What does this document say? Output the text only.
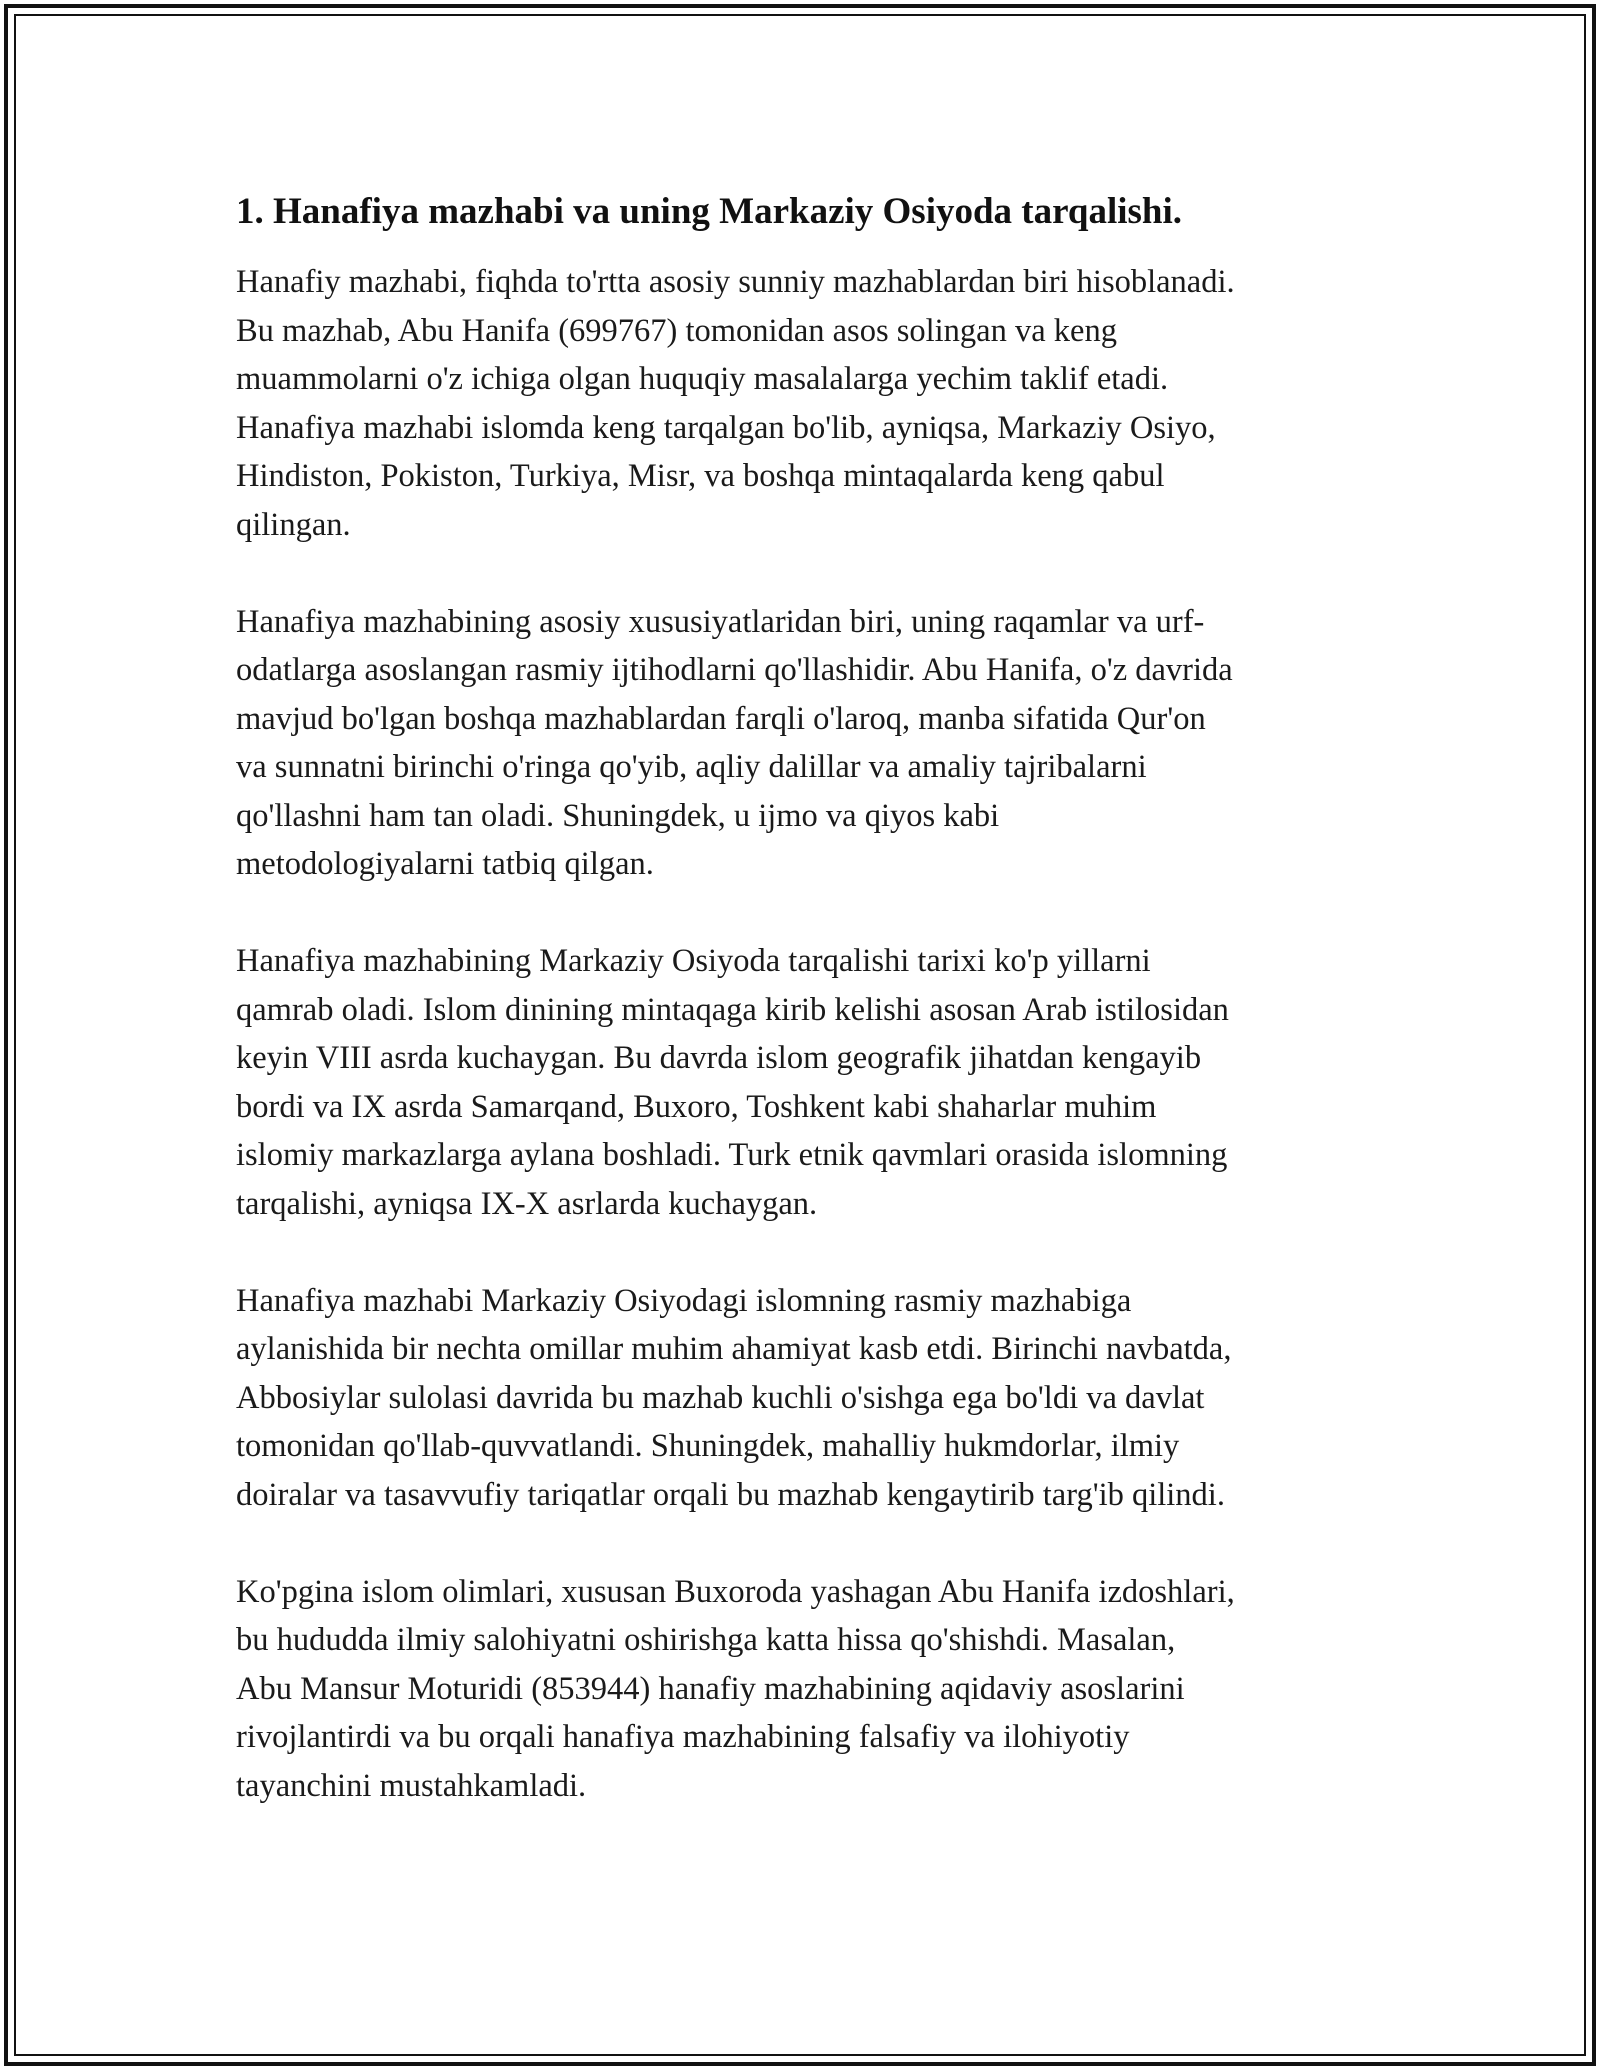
1. Hanafiya mazhabi va uning Markaziy Osiyoda tarqalishi.

Hanafiy mazhabi, fiqhda to'rtta asosiy sunniy mazhablardan biri hisoblanadi.
Bu mazhab, Abu Hanifa (699767) tomonidan asos solingan va keng
muammolarni o'z ichiga olgan huquqiy masalalarga yechim taklif etadi.
Hanafiya mazhabi islomda keng tarqalgan bo'lib, ayniqsa, Markaziy Osiyo,
Hindiston, Pokiston, Turkiya, Misr, va boshqa mintaqalarda keng qabul
qilingan.

Hanafiya mazhabining asosiy xususiyatlaridan biri, uning raqamlar va urf-
odatlarga asoslangan rasmiy ijtihodlarni qo'llashidir. Abu Hanifa, o'z davrida
mavjud bo'lgan boshqa mazhablardan farqli o'laroq, manba sifatida Qur'on
va sunnatni birinchi o'ringa qo'yib, aqliy dalillar va amaliy tajribalarni
qo'llashni ham tan oladi. Shuningdek, u ijmo va qiyos kabi
metodologiyalarni tatbiq qilgan.

Hanafiya mazhabining Markaziy Osiyoda tarqalishi tarixi ko'p yillarni
qamrab oladi. Islom dinining mintaqaga kirib kelishi asosan Arab istilosidan
keyin VIII asrda kuchaygan. Bu davrda islom geografik jihatdan kengayib
bordi va IX asrda Samarqand, Buxoro, Toshkent kabi shaharlar muhim
islomiy markazlarga aylana boshladi. Turk etnik qavmlari orasida islomning
tarqalishi, ayniqsa IX-X asrlarda kuchaygan.

Hanafiya mazhabi Markaziy Osiyodagi islomning rasmiy mazhabiga
aylanishida bir nechta omillar muhim ahamiyat kasb etdi. Birinchi navbatda,
Abbosiylar sulolasi davrida bu mazhab kuchli o'sishga ega bo'ldi va davlat
tomonidan qo'llab-quvvatlandi. Shuningdek, mahalliy hukmdorlar, ilmiy
doiralar va tasavvufiy tariqatlar orqali bu mazhab kengaytirib targ'ib qilindi.

Ko'pgina islom olimlari, xususan Buxoroda yashagan Abu Hanifa izdoshlari,
bu hududda ilmiy salohiyatni oshirishga katta hissa qo'shishdi. Masalan,
Abu Mansur Moturidi (853944) hanafiy mazhabining aqidaviy asoslarini
rivojlantirdi va bu orqali hanafiya mazhabining falsafiy va ilohiyotiy
tayanchini mustahkamladi.
